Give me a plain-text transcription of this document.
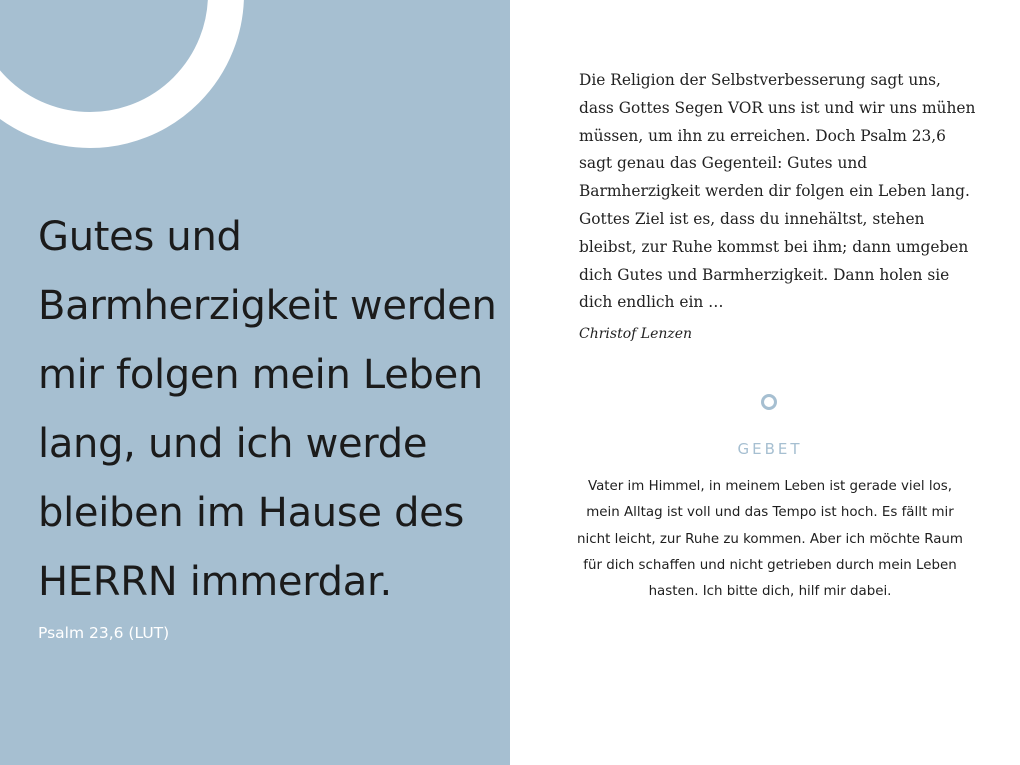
Gutes und Barmherzigkeit werden mir folgen mein Leben lang, und ich werde bleiben im Hause des HERRN immerdar.

Psalm 23,6 (LUT)

Die Religion der Selbstverbesserung sagt uns, dass Gottes Segen VOR uns ist und wir uns mühen müssen, um ihn zu erreichen. Doch Psalm 23,6 sagt genau das Gegenteil: Gutes und Barmherzigkeit werden dir folgen ein Leben lang. Gottes Ziel ist es, dass du innehältst, stehen bleibst, zur Ruhe kommst bei ihm; dann umgeben dich Gutes und Barmherzigkeit. Dann holen sie dich endlich ein …

Christof Lenzen
GEBET

Vater im Himmel, in meinem Leben ist gerade viel los, mein Alltag ist voll und das Tempo ist hoch. Es fällt mir nicht leicht, zur Ruhe zu kommen. Aber ich möchte Raum für dich schaffen und nicht getrieben durch mein Leben hasten. Ich bitte dich, hilf mir dabei.
